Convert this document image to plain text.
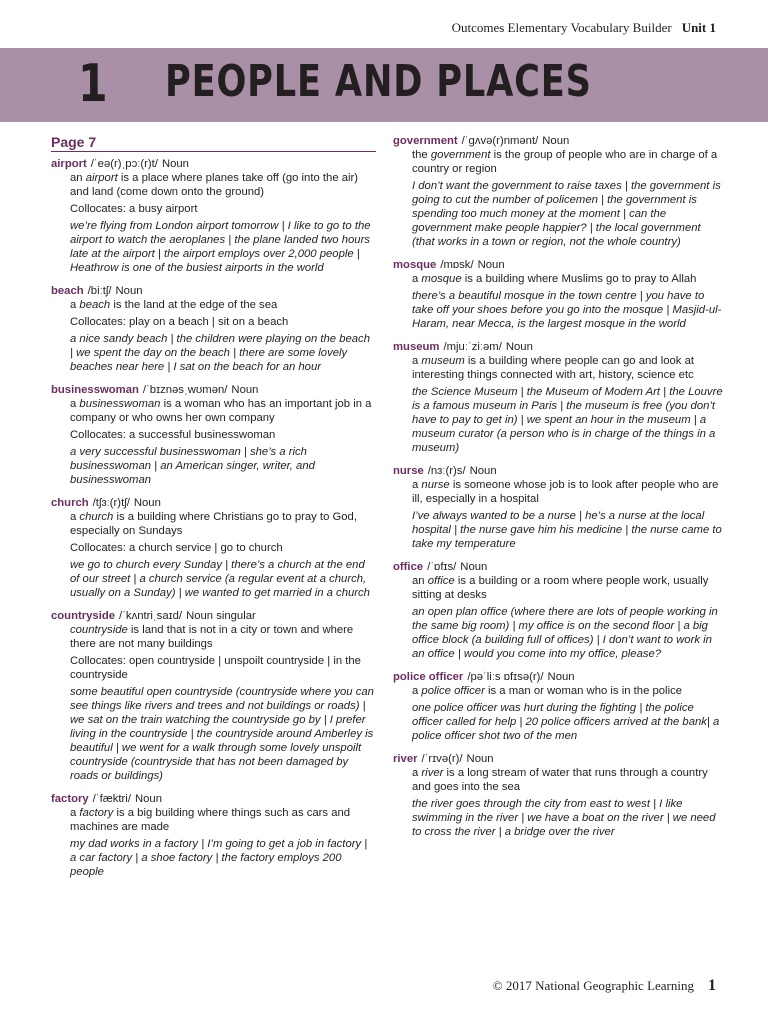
Outcomes Elementary Vocabulary Builder Unit 1
1 PEOPLE AND PLACES
Page 7
airport /ˈeə(r)ˌpɔː(r)t/ Noun
an airport is a place where planes take off (go into the air) and land (come down onto the ground)
Collocates: a busy airport
we’re flying from London airport tomorrow | I like to go to the airport to watch the aeroplanes | the plane landed two hours late at the airport | the airport employs over 2,000 people | Heathrow is one of the busiest airports in the world
beach /biːtʃ/ Noun
a beach is the land at the edge of the sea
Collocates: play on a beach | sit on a beach
a nice sandy beach | the children were playing on the beach | we spent the day on the beach | there are some lovely beaches near here | I sat on the beach for an hour
businesswoman /ˈbɪznəsˌwʊmən/ Noun
a businesswoman is a woman who has an important job in a company or who owns her own company
Collocates: a successful businesswoman
a very successful businesswoman | she’s a rich businesswoman | an American singer, writer, and businesswoman
church /tʃɜː(r)tʃ/ Noun
a church is a building where Christians go to pray to God, especially on Sundays
Collocates: a church service | go to church
we go to church every Sunday | there’s a church at the end of our street | a church service (a regular event at a church, usually on a Sunday) | we wanted to get married in a church
countryside /ˈkʌntriˌsaɪd/ Noun singular
countryside is land that is not in a city or town and where there are not many buildings
Collocates: open countryside | unspoilt countryside | in the countryside
some beautiful open countryside (countryside where you can see things like rivers and trees and not buildings or roads) | we sat on the train watching the countryside go by | I prefer living in the countryside | the countryside around Amberley is beautiful | we went for a walk through some lovely unspoilt countryside (countryside that has not been damaged by roads or buildings)
factory /ˈfæktri/ Noun
a factory is a big building where things such as cars and machines are made
my dad works in a factory | I’m going to get a job in factory | a car factory | a shoe factory | the factory employs 200 people
government /ˈɡʌvə(r)nmənt/ Noun
the government is the group of people who are in charge of a country or region
I don’t want the government to raise taxes | the government is going to cut the number of policemen | the government is spending too much money at the moment | can the government make people happier? | the local government (that works in a town or region, not the whole country)
mosque /mɒsk/ Noun
a mosque is a building where Muslims go to pray to Allah
there’s a beautiful mosque in the town centre | you have to take off your shoes before you go into the mosque | Masjid-ul-Haram, near Mecca, is the largest mosque in the world
museum /mjuːˈziːəm/ Noun
a museum is a building where people can go and look at interesting things connected with art, history, science etc
the Science Museum | the Museum of Modern Art | the Louvre is a famous museum in Paris | the museum is free (you don’t have to pay to get in) | we spent an hour in the museum | a museum curator (a person who is in charge of the things in a museum)
nurse /nɜː(r)s/ Noun
a nurse is someone whose job is to look after people who are ill, especially in a hospital
I’ve always wanted to be a nurse | he’s a nurse at the local hospital | the nurse gave him his medicine | the nurse came to take my temperature
office /ˈɒfɪs/ Noun
an office is a building or a room where people work, usually sitting at desks
an open plan office (where there are lots of people working in the same big room) | my office is on the second floor | a big office block (a building full of offices) | I don’t want to work in an office | would you come into my office, please?
police officer /pəˈliːs ɒfɪsə(r)/ Noun
a police officer is a man or woman who is in the police
one police officer was hurt during the fighting | the police officer called for help | 20 police officers arrived at the bank| a police officer shot two of the men
river /ˈrɪvə(r)/ Noun
a river is a long stream of water that runs through a country and goes into the sea
the river goes through the city from east to west | I like swimming in the river | we have a boat on the river | we need to cross the river | a bridge over the river
© 2017 National Geographic Learning 1
